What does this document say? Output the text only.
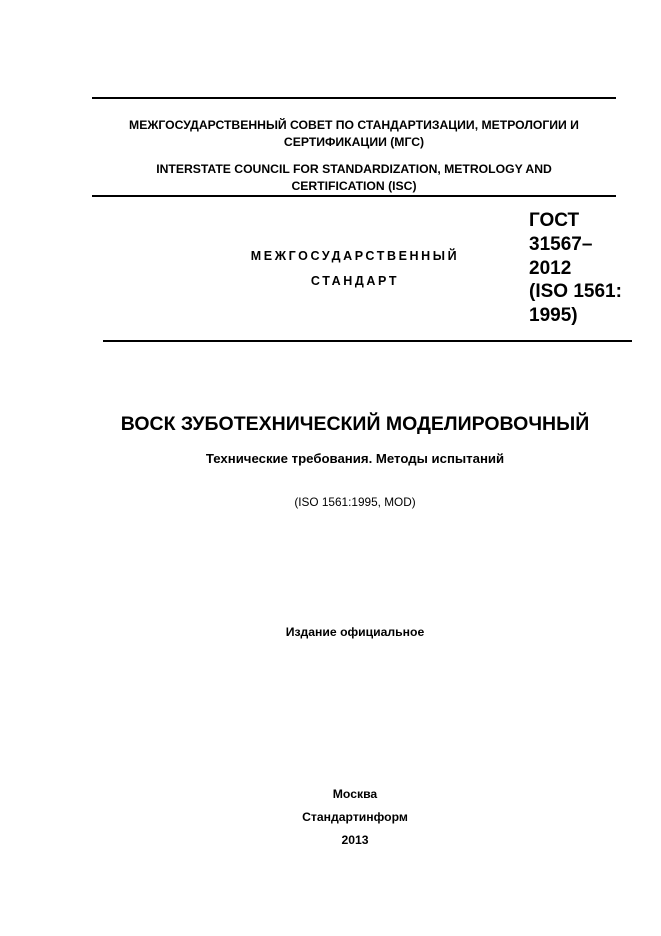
МЕЖГОСУДАРСТВЕННЫЙ СОВЕТ ПО СТАНДАРТИЗАЦИИ, МЕТРОЛОГИИ И
СЕРТИФИКАЦИИ (МГС)
INTERSTATE COUNCIL FOR STANDARDIZATION, METROLOGY AND
CERTIFICATION (ISC)
МЕЖГОСУДАРСТВЕННЫЙ
СТАНДАРТ
ГОСТ
31567–
2012
(ISO 1561:
1995)
ВОСК ЗУБОТЕХНИЧЕСКИЙ МОДЕЛИРОВОЧНЫЙ
Технические требования. Методы испытаний
(ISO 1561:1995, MOD)
Издание официальное
Москва
Стандартинформ
2013
